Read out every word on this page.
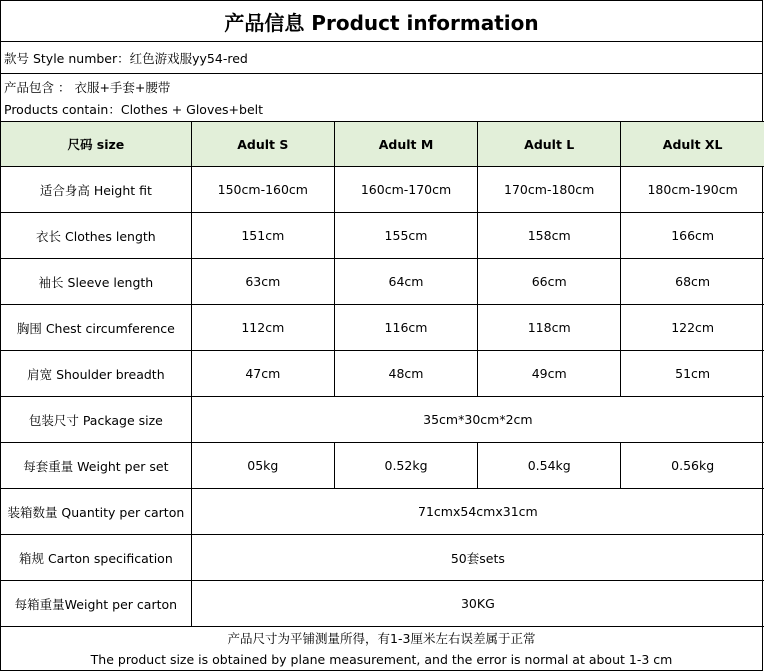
产品信息 Product information
款号 Style number：红色游戏服yy54-red
产品包含 ： 衣服+手套+腰带
Products contain：Clothes + Gloves+belt
尺码 size	Adult S	Adult M	Adult L	Adult XL
适合身高 Height fit	150cm-160cm	160cm-170cm	170cm-180cm	180cm-190cm
衣长 Clothes length	151cm	155cm	158cm	166cm
袖长 Sleeve length	63cm	64cm	66cm	68cm
胸围 Chest circumference	112cm	116cm	118cm	122cm
肩宽 Shoulder breadth	47cm	48cm	49cm	51cm
包装尺寸 Package size	35cm*30cm*2cm			
每套重量 Weight per set	05kg	0.52kg	0.54kg	0.56kg
装箱数量 Quantity per carton	71cmx54cmx31cm			
箱规 Carton specification	50套sets			
每箱重量Weight per carton	30KG			
产品尺寸为平铺测量所得，有1-3厘米左右误差属于正常
The product size is obtained by plane measurement, and the error is normal at about 1-3 cm
